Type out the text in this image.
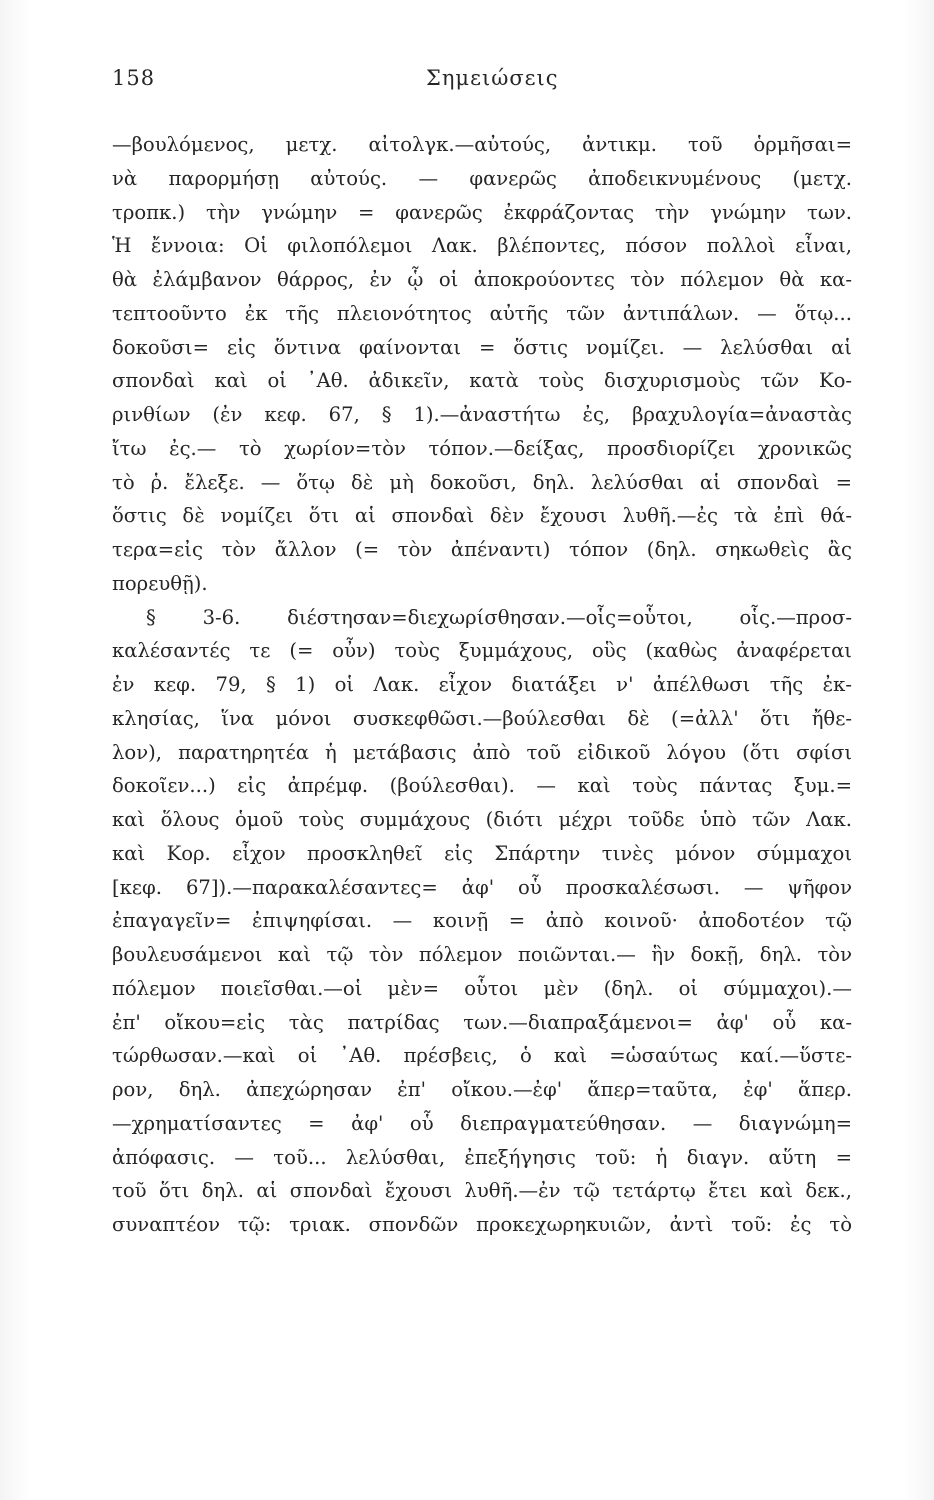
158	Σημειώσεις
—βουλόμενος, μετχ. αἰτολγκ.—αὐτούς, ἀντικμ. τοῦ ὁρμῆσαι=
νὰ παρορμήσῃ αὐτούς. — φανερῶς ἀποδεικνυμένους (μετχ.
τροπκ.) τὴν γνώμην = φανερῶς ἐκφράζοντας τὴν γνώμην των.
Ἡ ἔννοια: Οἱ φιλοπόλεμοι Λακ. βλέποντες, πόσον πολλοὶ εἶναι,
θὰ ἐλάμβανον θάρρος, ἐν ᾧ οἱ ἀποκρούοντες τὸν πόλεμον θὰ κα-
τεπτοοῦντο ἐκ τῆς πλειονότητος αὐτῆς τῶν ἀντιπάλων. — ὅτῳ...
δοκοῦσι= εἰς ὅντινα φαίνονται = ὅστις νομίζει. — λελύσθαι αἱ
σπονδαὶ καὶ οἱ ᾿Αθ. ἀδικεῖν, κατὰ τοὺς δισχυρισμοὺς τῶν Κο-
ρινθίων (ἐν κεφ. 67, § 1).—ἀναστήτω ἐς, βραχυλογία=ἀναστὰς
ἴτω ἐς.— τὸ χωρίον=τὸν τόπον.—δείξας, προσδιορίζει χρονικῶς
τὸ ῥ. ἔλεξε. — ὅτῳ δὲ μὴ δοκοῦσι, δηλ. λελύσθαι αἱ σπονδαὶ =
ὅστις δὲ νομίζει ὅτι αἱ σπονδαὶ δὲν ἔχουσι λυθῆ.—ἐς τὰ ἐπὶ θά-
τερα=εἰς τὸν ἄλλον (= τὸν ἀπέναντι) τόπον (δηλ. σηκωθεὶς ἂς
πορευθῇ).
§ 3-6. διέστησαν=διεχωρίσθησαν.—οἷς=οὗτοι, οἷς.—προσ-
καλέσαντές τε (= οὖν) τοὺς ξυμμάχους, οὓς (καθὼς ἀναφέρεται
ἐν κεφ. 79, § 1) οἱ Λακ. εἶχον διατάξει ν' ἀπέλθωσι τῆς ἐκ-
κλησίας, ἵνα μόνοι συσκεφθῶσι.—βούλεσθαι δὲ (=ἀλλ' ὅτι ἤθε-
λον), παρατηρητέα ἡ μετάβασις ἀπὸ τοῦ εἰδικοῦ λόγου (ὅτι σφίσι
δοκοῖεν...) εἰς ἀπρέμφ. (βούλεσθαι). — καὶ τοὺς πάντας ξυμ.=
καὶ ὅλους ὁμοῦ τοὺς συμμάχους (διότι μέχρι τοῦδε ὑπὸ τῶν Λακ.
καὶ Κορ. εἶχον προσκληθεῖ εἰς Σπάρτην τινὲς μόνον σύμμαχοι
[κεφ. 67]).—παρακαλέσαντες= ἀφ' οὗ προσκαλέσωσι. — ψῆφον
ἐπαγαγεῖν= ἐπιψηφίσαι. — κοινῇ = ἀπὸ κοινοῦ· ἀποδοτέον τῷ
βουλευσάμενοι καὶ τῷ τὸν πόλεμον ποιῶνται.— ἣν δοκῇ, δηλ. τὸν
πόλεμον ποιεῖσθαι.—οἱ μὲν= οὗτοι μὲν (δηλ. οἱ σύμμαχοι).—
ἐπ' οἴκου=εἰς τὰς πατρίδας των.—διαπραξάμενοι= ἀφ' οὗ κα-
τώρθωσαν.—καὶ οἱ ᾿Αθ. πρέσβεις, ὁ καὶ =ὡσαύτως καί.—ὕστε-
ρον, δηλ. ἀπεχώρησαν ἐπ' οἴκου.—ἐφ' ἅπερ=ταῦτα, ἐφ' ἅπερ.
—χρηματίσαντες = ἀφ' οὗ διεπραγματεύθησαν. — διαγνώμη=
ἀπόφασις. — τοῦ... λελύσθαι, ἐπεξήγησις τοῦ: ἡ διαγν. αὕτη =
τοῦ ὅτι δηλ. αἱ σπονδαὶ ἔχουσι λυθῆ.—ἐν τῷ τετάρτῳ ἔτει καὶ δεκ.,
συναπτέον τῷ: τριακ. σπονδῶν προκεχωρηκυιῶν, ἀντὶ τοῦ: ἐς τὸ
